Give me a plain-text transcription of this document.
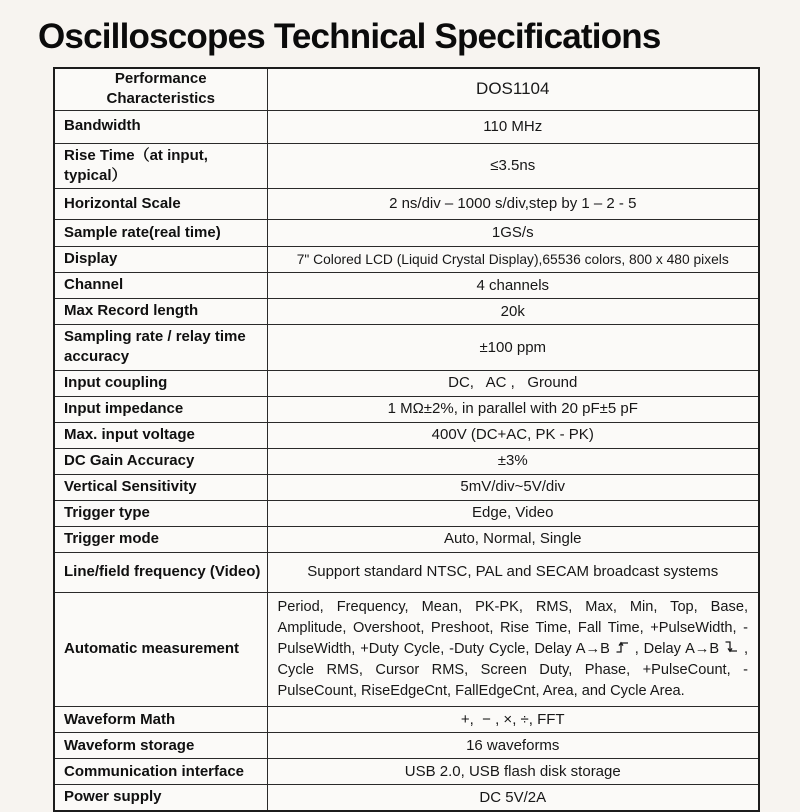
Oscilloscopes Technical Specifications
Performance Characteristics	DOS1104
Bandwidth	110 MHz
Rise Time（at input, typical）	≤3.5ns
Horizontal Scale	2 ns/div – 1000 s/div,step by 1 – 2 - 5
Sample rate(real time)	1GS/s
Display	7" Colored LCD (Liquid Crystal Display),65536 colors, 800 x 480 pixels
Channel	4 channels
Max Record length	20k
Sampling rate / relay time accuracy	±100 ppm
Input coupling	DC,   AC ,   Ground
Input impedance	1 MΩ±2%, in parallel with 20 pF±5 pF
Max. input voltage	400V (DC+AC, PK - PK)
DC Gain Accuracy	±3%
Vertical Sensitivity	5mV/div~5V/div
Trigger type	Edge, Video
Trigger mode	Auto, Normal, Single
Line/field frequency (Video)	Support standard NTSC, PAL and SECAM broadcast systems
Automatic measurement	Period, Frequency, Mean, PK-PK, RMS, Max, Min, Top, Base, Amplitude, Overshoot, Preshoot, Rise Time, Fall Time, +PulseWidth, -PulseWidth, +Duty Cycle, -Duty Cycle, Delay A→B  , Delay A→B  , Cycle RMS, Cursor RMS, Screen Duty, Phase, +PulseCount, -PulseCount, RiseEdgeCnt, FallEdgeCnt, Area, and Cycle Area.
Waveform Math	+,  − , ×, ÷, FFT
Waveform storage	16 waveforms
Communication interface	USB 2.0, USB flash disk storage
Power supply	DC 5V/2A
